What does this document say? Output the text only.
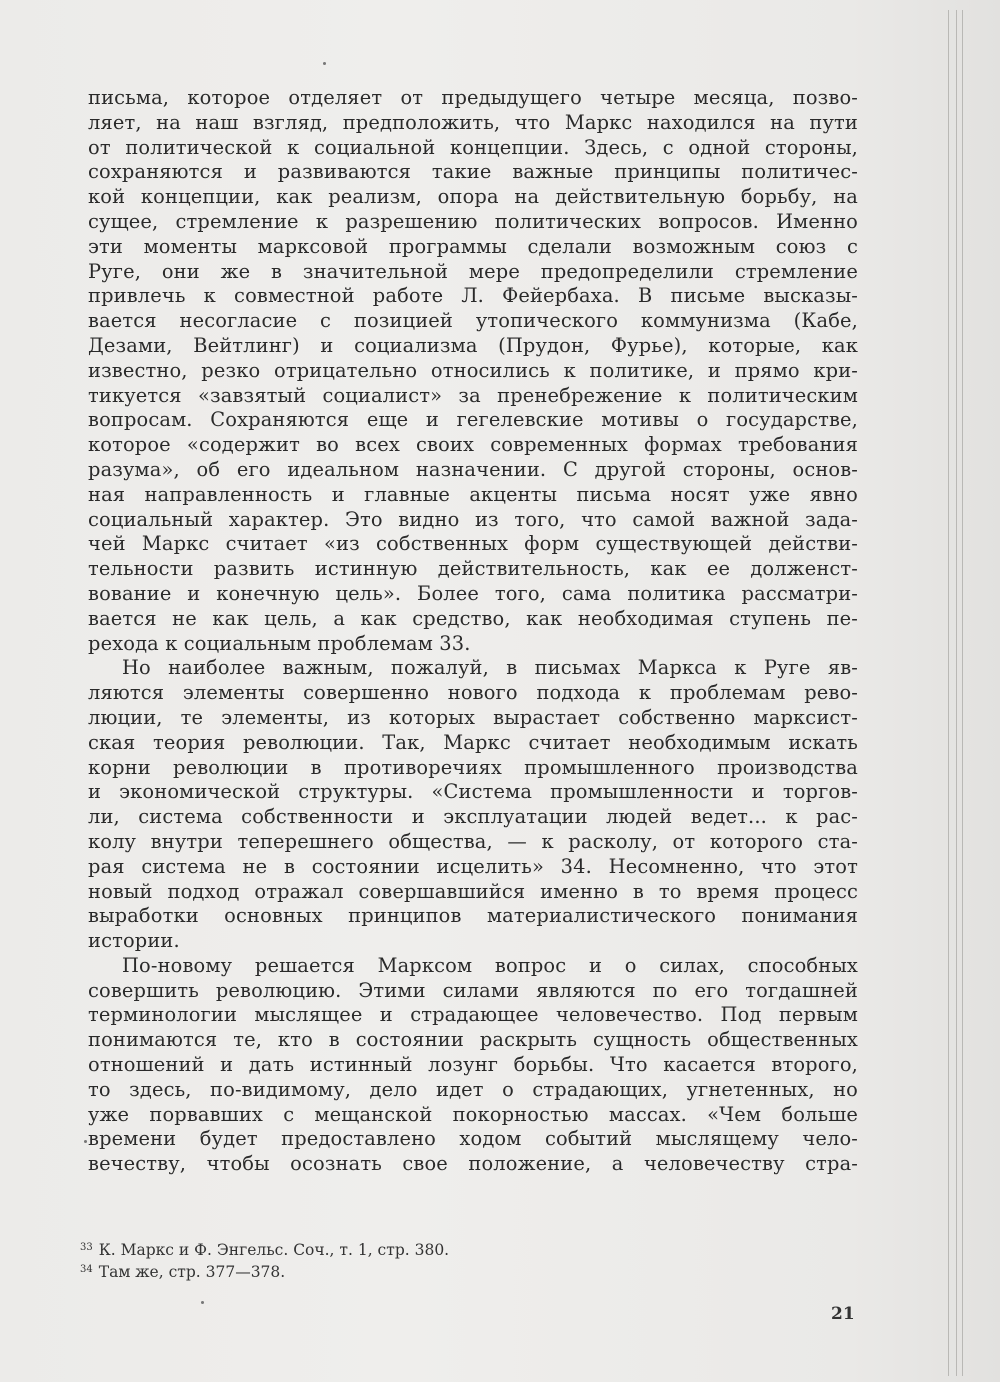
письма, которое отделяет от предыдущего четыре месяца, позво-
ляет, на наш взгляд, предположить, что Маркс находился на пути
от политической к социальной концепции. Здесь, с одной стороны,
сохраняются и развиваются такие важные принципы политичес-
кой концепции, как реализм, опора на действительную борьбу, на
сущее, стремление к разрешению политических вопросов. Именно
эти моменты марксовой программы сделали возможным союз с
Руге, они же в значительной мере предопределили стремление
привлечь к совместной работе Л. Фейербаха. В письме высказы-
вается несогласие с позицией утопического коммунизма (Кабе,
Дезами, Вейтлинг) и социализма (Прудон, Фурье), которые, как
известно, резко отрицательно относились к политике, и прямо кри-
тикуется «завзятый социалист» за пренебрежение к политическим
вопросам. Сохраняются еще и гегелевские мотивы о государстве,
которое «содержит во всех своих современных формах требования
разума», об его идеальном назначении. С другой стороны, основ-
ная направленность и главные акценты письма носят уже явно
социальный характер. Это видно из того, что самой важной зада-
чей Маркс считает «из собственных форм существующей действи-
тельности развить истинную действительность, как ее долженст-
вование и конечную цель». Более того, сама политика рассматри-
вается не как цель, а как средство, как необходимая ступень пе-
рехода к социальным проблемам 33.
Но наиболее важным, пожалуй, в письмах Маркса к Руге яв-
ляются элементы совершенно нового подхода к проблемам рево-
люции, те элементы, из которых вырастает собственно марксист-
ская теория революции. Так, Маркс считает необходимым искать
корни революции в противоречиях промышленного производства
и экономической структуры. «Система промышленности и торгов-
ли, система собственности и эксплуатации людей ведет... к рас-
колу внутри теперешнего общества, — к расколу, от которого ста-
рая система не в состоянии исцелить» 34. Несомненно, что этот
новый подход отражал совершавшийся именно в то время процесс
выработки основных принципов материалистического понимания
истории.
По-новому решается Марксом вопрос и о силах, способных
совершить революцию. Этими силами являются по его тогдашней
терминологии мыслящее и страдающее человечество. Под первым
понимаются те, кто в состоянии раскрыть сущность общественных
отношений и дать истинный лозунг борьбы. Что касается второго,
то здесь, по-видимому, дело идет о страдающих, угнетенных, но
уже порвавших с мещанской покорностью массах. «Чем больше
времени будет предоставлено ходом событий мыслящему чело-
вечеству, чтобы осознать свое положение, а человечеству стра-
$^{33}$ К. Маркс и Ф. Энгельс. Соч., т. 1, стр. 380.
$^{34}$ Там же, стр. 377—378.
21
